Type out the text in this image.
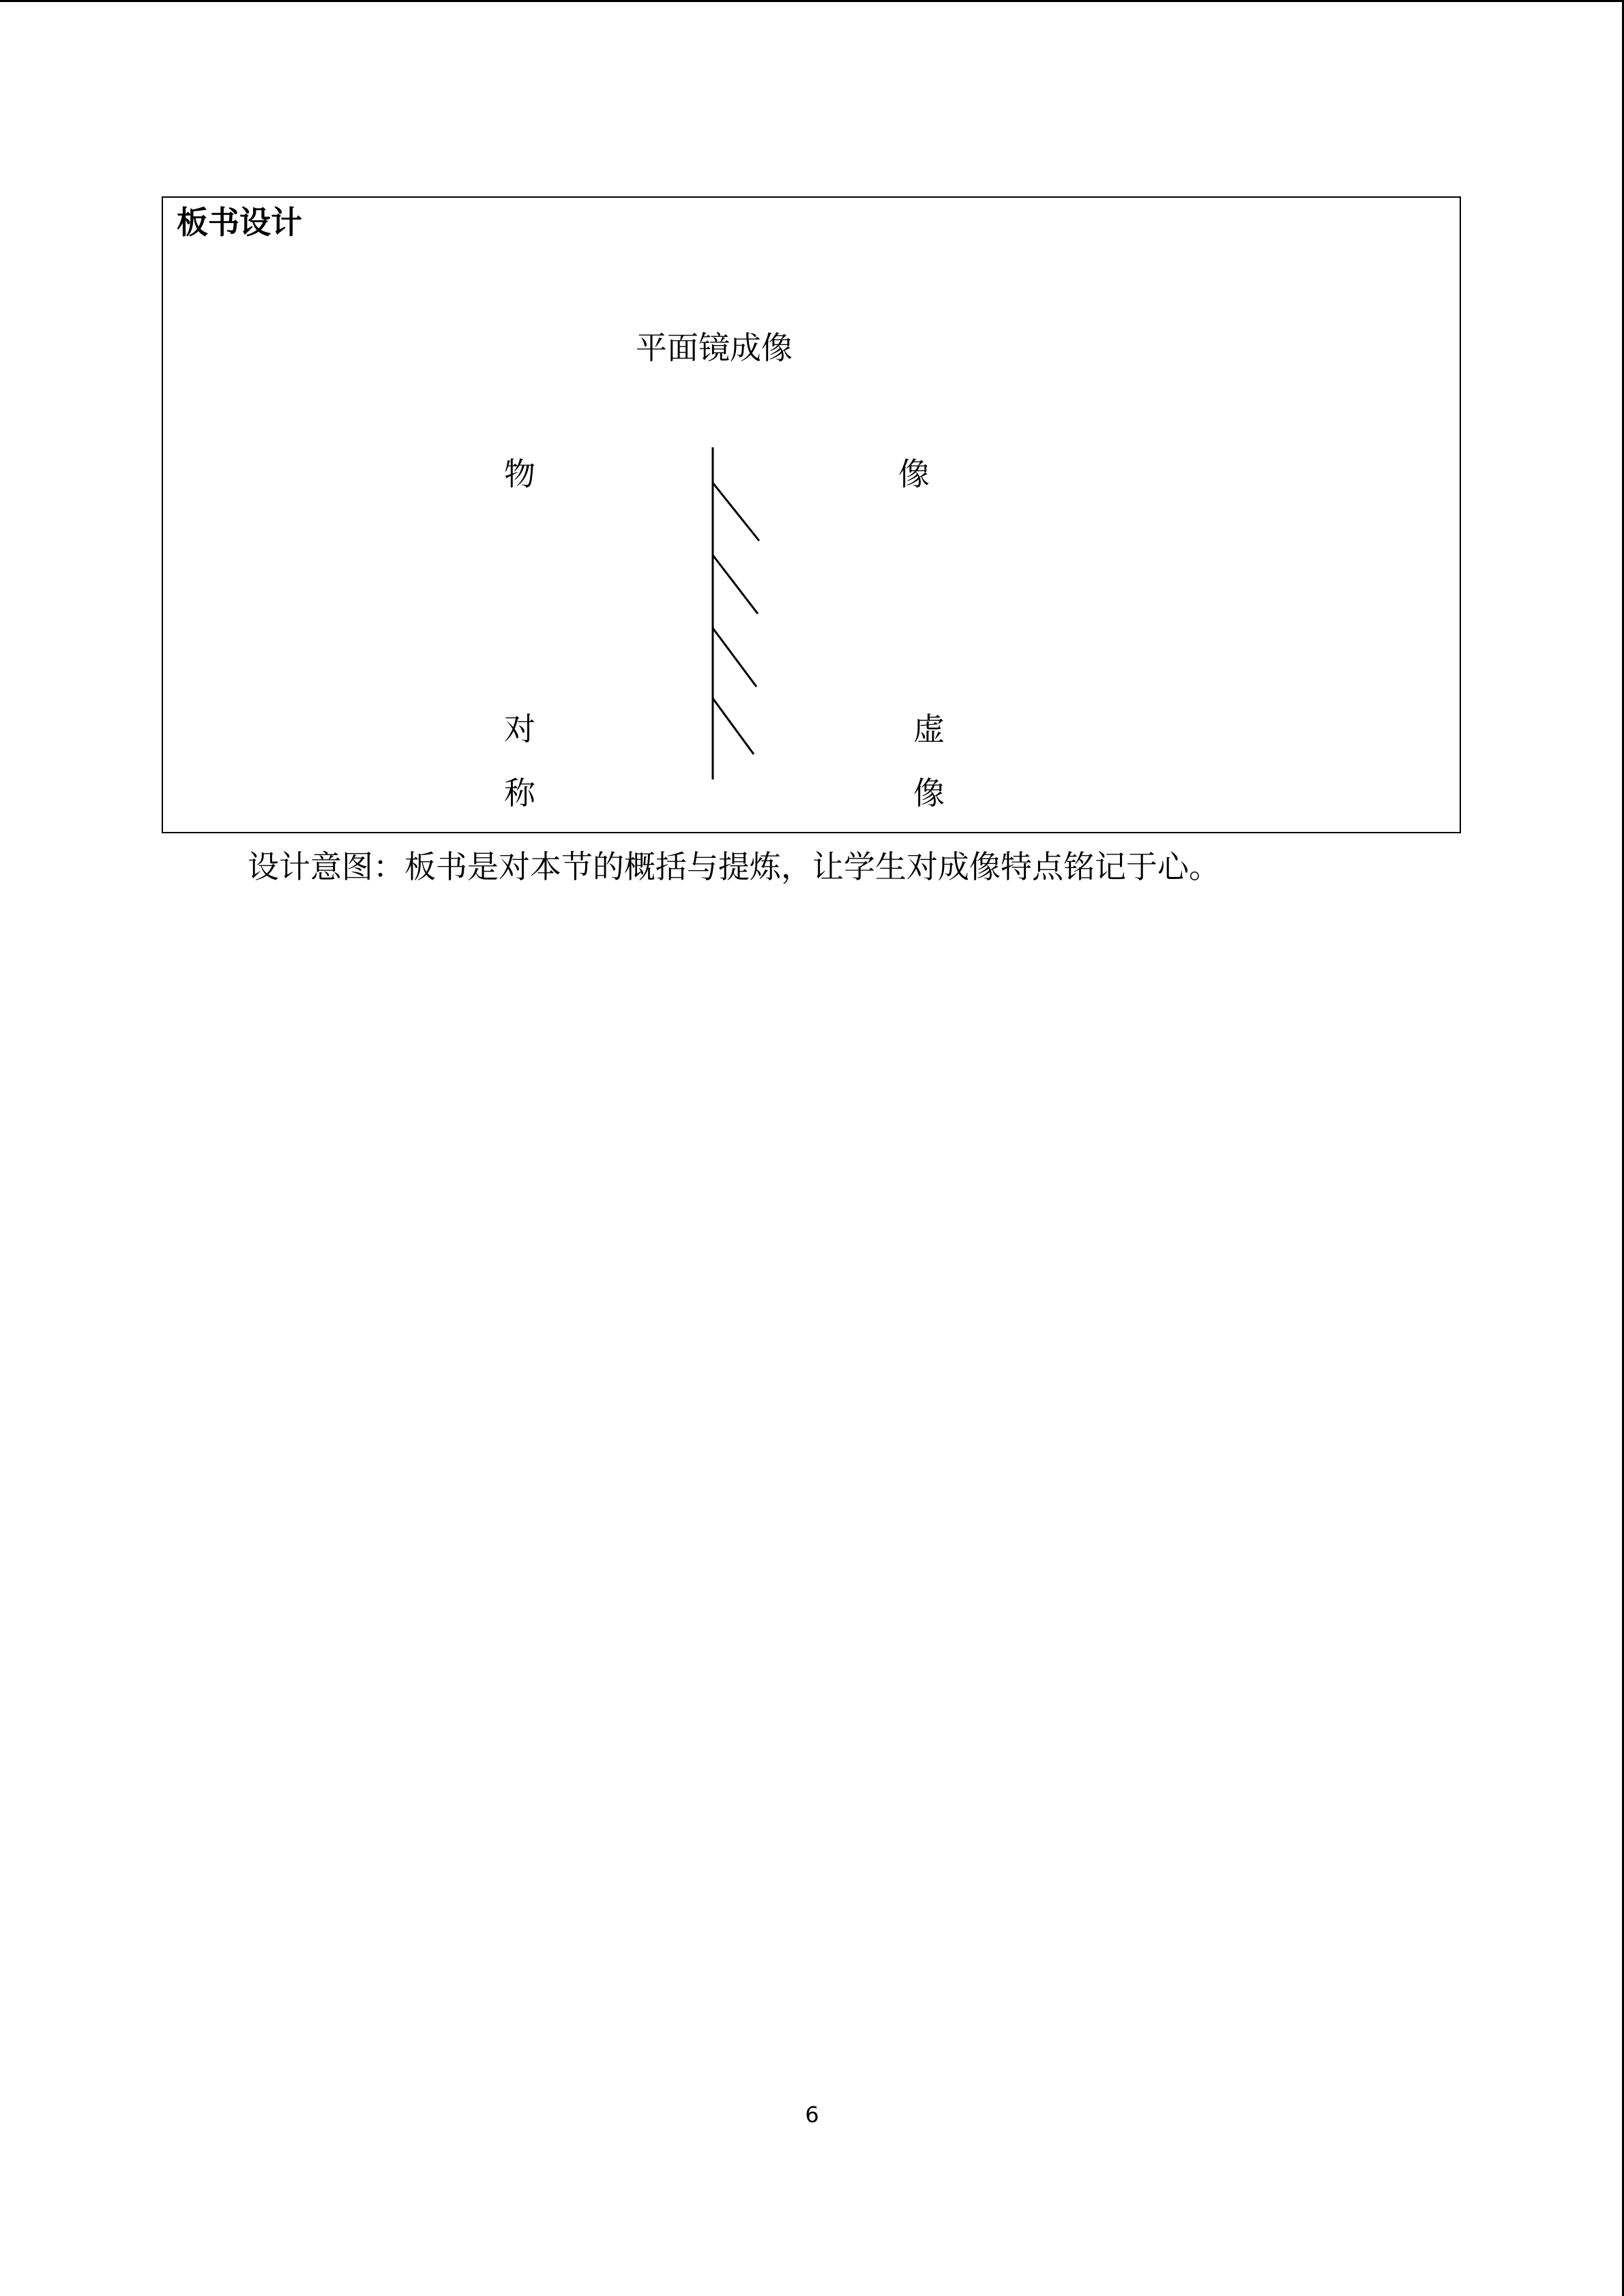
板书设计
平面镜成像
物	像
对
称
虚
像
设计意图：板书是对本节的概括与提炼，让学生对成像特点铭记于心。
6
